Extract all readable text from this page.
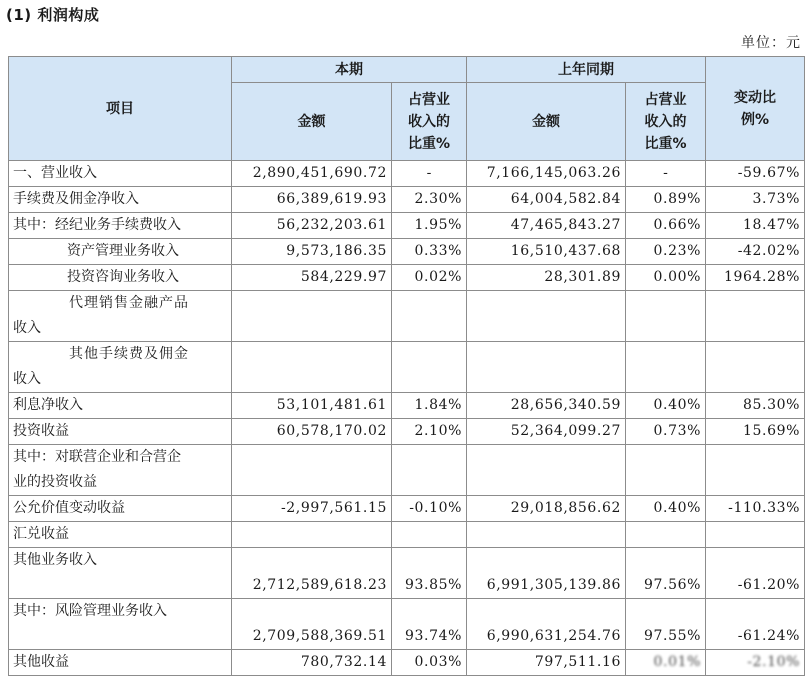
(1) 利润构成
单位：元
项目	本期		上年同期		变动比
例%
	金额	占营业
收入的
比重%	金额	占营业
收入的
比重%	
一、营业收入	2,890,451,690.72	-	7,166,145,063.26	-	-59.67%
手续费及佣金净收入	66,389,619.93	2.30%	64,004,582.84	0.89%	3.73%
其中：经纪业务手续费收入	56,232,203.61	1.95%	47,465,843.27	0.66%	18.47%
资产管理业务收入	9,573,186.35	0.33%	16,510,437.68	0.23%	-42.02%
投资咨询业务收入	584,229.97	0.02%	28,301.89	0.00%	1964.28%

代理销售金融产品
收入					

其他手续费及佣金
收入					

利息净收入	53,101,481.61	1.84%	28,656,340.59	0.40%	85.30%
投资收益	60,578,170.02	2.10%	52,364,099.27	0.73%	15.69%

其中：对联营企业和合营企
业的投资收益					

公允价值变动收益	-2,997,561.15	-0.10%	29,018,856.62	0.40%	-110.33%
汇兑收益					
其他业务收入	2,712,589,618.23	93.85%	6,991,305,139.86	97.56%	-61.20%
其中：风险管理业务收入	2,709,588,369.51	93.74%	6,990,631,254.76	97.55%	-61.24%
其他收益	780,732.14	0.03%	797,511.16	0.01%	-2.10%
